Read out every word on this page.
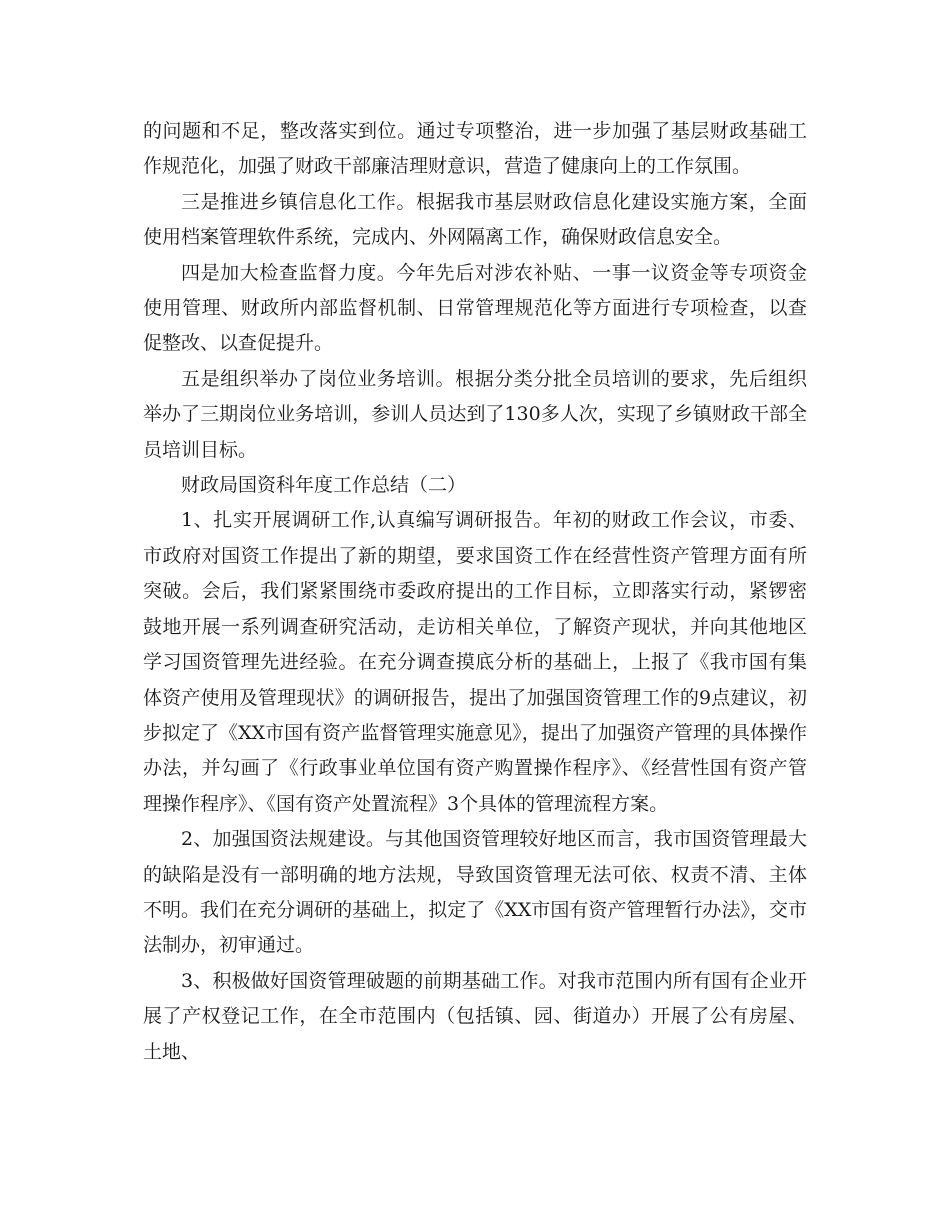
的问题和不足，整改落实到位。通过专项整治，进一步加强了基层财政基础工作规范化，加强了财政干部廉洁理财意识，营造了健康向上的工作氛围。

三是推进乡镇信息化工作。根据我市基层财政信息化建设实施方案，全面使用档案管理软件系统，完成内、外网隔离工作，确保财政信息安全。

四是加大检查监督力度。今年先后对涉农补贴、一事一议资金等专项资金使用管理、财政所内部监督机制、日常管理规范化等方面进行专项检查，以查促整改、以查促提升。

五是组织举办了岗位业务培训。根据分类分批全员培训的要求，先后组织举办了三期岗位业务培训，参训人员达到了130多人次，实现了乡镇财政干部全员培训目标。

财政局国资科年度工作总结（二）

1、扎实开展调研工作,认真编写调研报告。年初的财政工作会议，市委、市政府对国资工作提出了新的期望，要求国资工作在经营性资产管理方面有所突破。会后，我们紧紧围绕市委政府提出的工作目标，立即落实行动，紧锣密鼓地开展一系列调查研究活动，走访相关单位，了解资产现状，并向其他地区学习国资管理先进经验。在充分调查摸底分析的基础上，上报了《我市国有集体资产使用及管理现状》的调研报告，提出了加强国资管理工作的9点建议，初步拟定了《XX市国有资产监督管理实施意见》，提出了加强资产管理的具体操作办法，并勾画了《行政事业单位国有资产购置操作程序》、《经营性国有资产管理操作程序》、《国有资产处置流程》3个具体的管理流程方案。

2、加强国资法规建设。与其他国资管理较好地区而言，我市国资管理最大的缺陷是没有一部明确的地方法规，导致国资管理无法可依、权责不清、主体不明。我们在充分调研的基础上，拟定了《XX市国有资产管理暂行办法》，交市法制办，初审通过。

3、积极做好国资管理破题的前期基础工作。对我市范围内所有国有企业开展了产权登记工作，在全市范围内（包括镇、园、街道办）开展了公有房屋、土地、
